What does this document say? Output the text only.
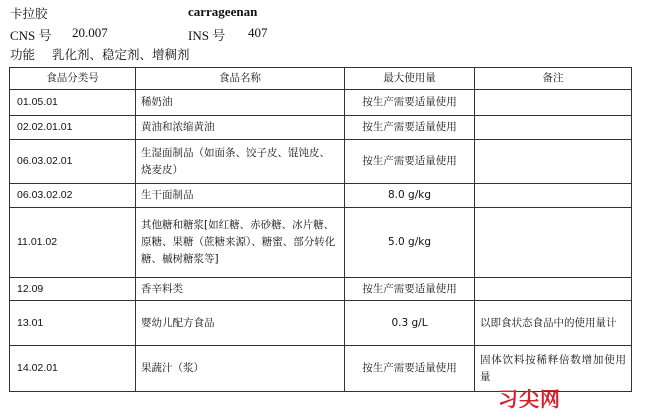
卡拉胶	carrageenan
CNS 号 20.007	INS 号 407
功能 乳化剂、稳定剂、增稠剂
食品分类号	食品名称	最大使用量	备注
01.05.01	稀奶油	按生产需要适量使用	
02.02.01.01	黄油和浓缩黄油	按生产需要适量使用	
06.03.02.01	生湿面制品（如面条、饺子皮、馄饨皮、烧麦皮）	按生产需要适量使用	
06.03.02.02	生干面制品	8.0 g/kg	
11.01.02	其他糖和糖浆[如红糖、赤砂糖、冰片糖、原糖、果糖（蔗糖来源）、糖蜜、部分转化糖、槭树糖浆等]	5.0 g/kg	
12.09	香辛料类	按生产需要适量使用	
13.01	婴幼儿配方食品	0.3 g/L	以即食状态食品中的使用量计
14.02.01	果蔬汁（浆）	按生产需要适量使用	固体饮料按稀释倍数增加使用量
习尖网
